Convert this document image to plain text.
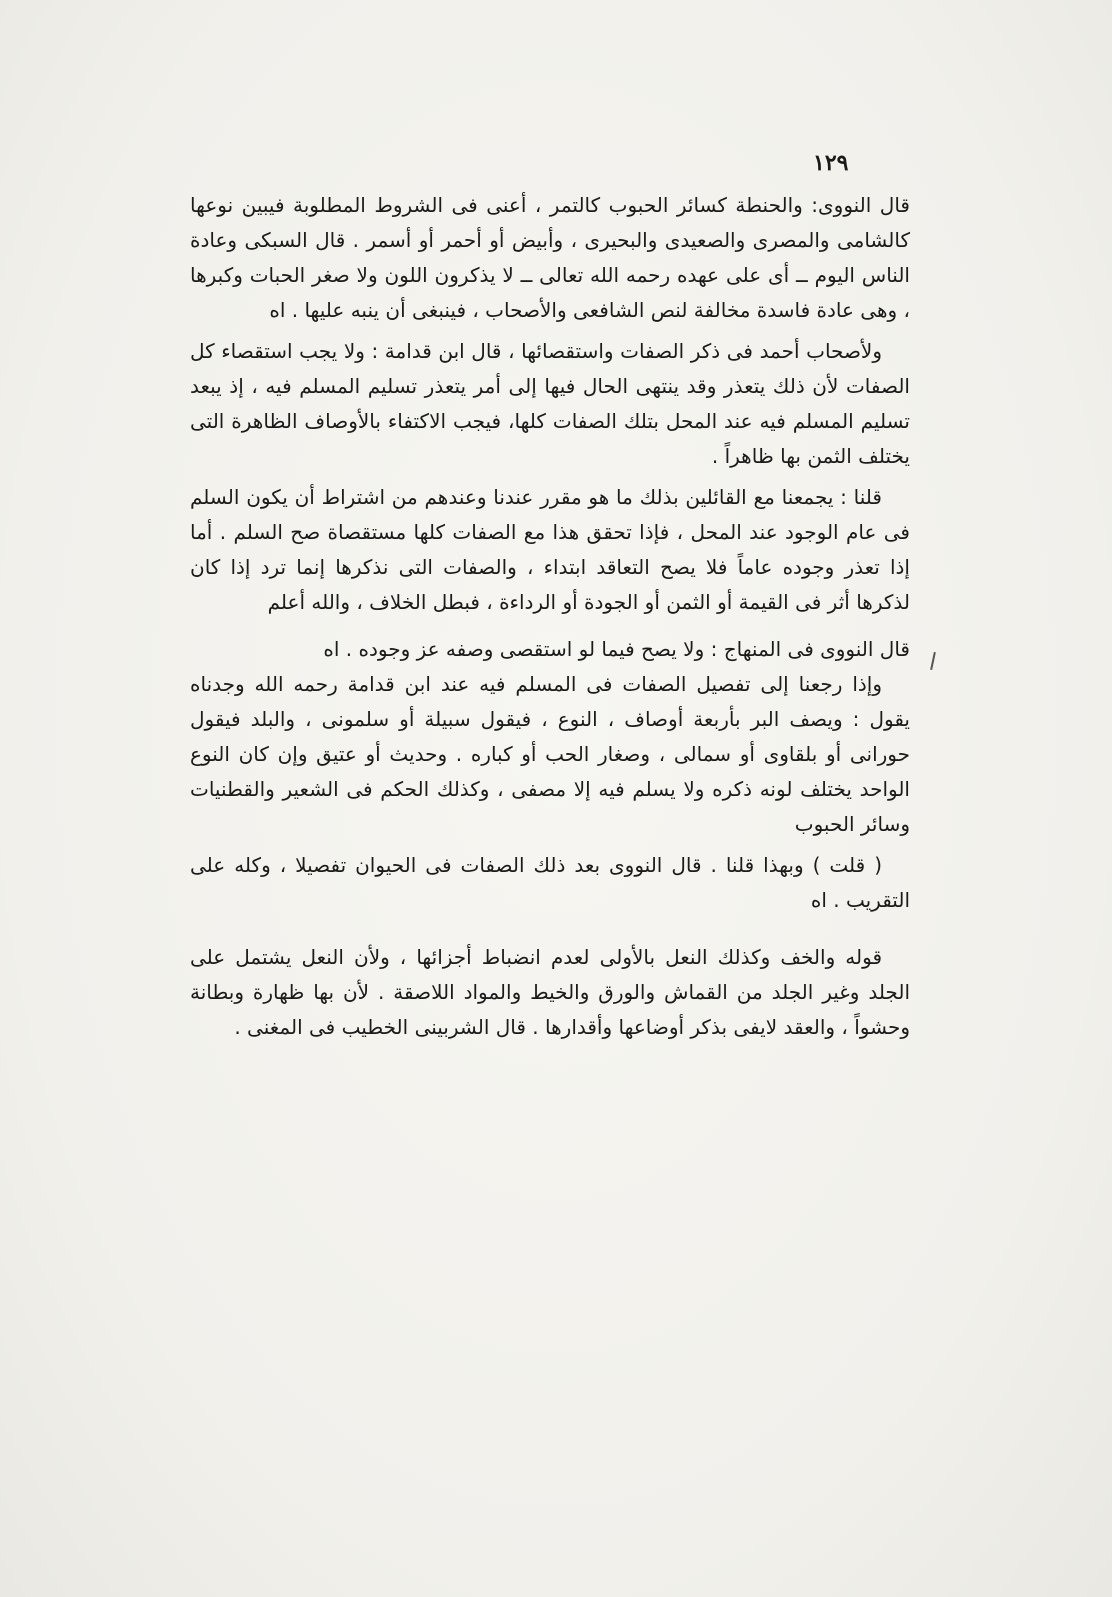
١٢٩

قال النووى: والحنطة كسائر الحبوب كالتمر ، أعنى فى الشروط المطلوبة فيبين نوعها كالشامى والمصرى والصعيدى والبحيرى ، وأبيض أو أحمر أو أسمر . قال السبكى وعادة الناس اليوم ــ أى على عهده رحمه الله تعالى ــ لا يذكرون اللون ولا صغر الحبات وكبرها ، وهى عادة فاسدة مخالفة لنص الشافعى والأصحاب ، فينبغى أن ينبه عليها . اه

ولأصحاب أحمد فى ذكر الصفات واستقصائها ، قال ابن قدامة : ولا يجب استقصاء كل الصفات لأن ذلك يتعذر وقد ينتهى الحال فيها إلى أمر يتعذر تسليم المسلم فيه ، إذ يبعد تسليم المسلم فيه عند المحل بتلك الصفات كلها، فيجب الاكتفاء بالأوصاف الظاهرة التى يختلف الثمن بها ظاهراً .

قلنا : يجمعنا مع القائلين بذلك ما هو مقرر عندنا وعندهم من اشتراط أن يكون السلم فى عام الوجود عند المحل ، فإذا تحقق هذا مع الصفات كلها مستقصاة صح السلم . أما إذا تعذر وجوده عاماً فلا يصح التعاقد ابتداء ، والصفات التى نذكرها إنما ترد إذا كان لذكرها أثر فى القيمة أو الثمن أو الجودة أو الرداءة ، فبطل الخلاف ، والله أعلم

قال النووى فى المنهاج : ولا يصح فيما لو استقصى وصفه عز وجوده . اه

وإذا رجعنا إلى تفصيل الصفات فى المسلم فيه عند ابن قدامة رحمه الله وجدناه يقول : ويصف البر بأربعة أوصاف ، النوع ، فيقول سبيلة أو سلمونى ، والبلد فيقول حورانى أو بلقاوى أو سمالى ، وصغار الحب أو كباره . وحديث أو عتيق وإن كان النوع الواحد يختلف لونه ذكره ولا يسلم فيه إلا مصفى ، وكذلك الحكم فى الشعير والقطنيات وسائر الحبوب

( قلت ) وبهذا قلنا . قال النووى بعد ذلك الصفات فى الحيوان تفصيلا ، وكله على التقريب . اه

قوله والخف وكذلك النعل بالأولى لعدم انضباط أجزائها ، ولأن النعل يشتمل على الجلد وغير الجلد من القماش والورق والخيط والمواد اللاصقة . لأن بها ظهارة وبطانة وحشواً ، والعقد لايفى بذكر أوضاعها وأقدارها . قال الشربينى الخطيب فى المغنى .
